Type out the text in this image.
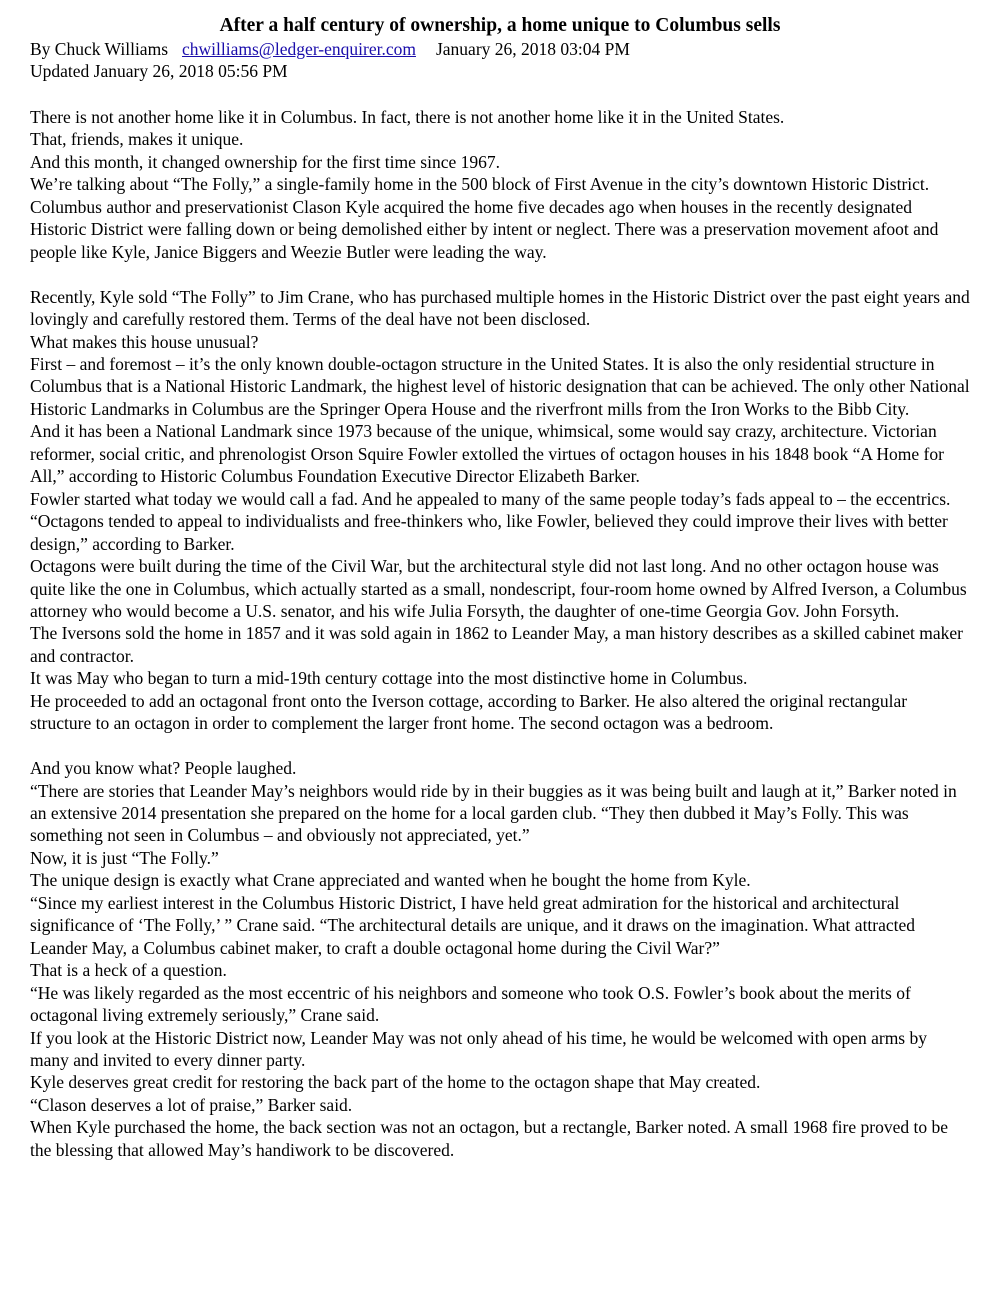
After a half century of ownership, a home unique to Columbus sells

By Chuck Williams chwilliams@ledger-enquirer.com January 26, 2018 03:04 PM

Updated January 26, 2018 05:56 PM

There is not another home like it in Columbus. In fact, there is not another home like it in the United States.

That, friends, makes it unique.

And this month, it changed ownership for the first time since 1967.

We’re talking about “The Folly,” a single-family home in the 500 block of First Avenue in the city’s downtown Historic District. Columbus author and preservationist Clason Kyle acquired the home five decades ago when houses in the recently designated Historic District were falling down or being demolished either by intent or neglect. There was a preservation movement afoot and people like Kyle, Janice Biggers and Weezie Butler were leading the way.

Recently, Kyle sold “The Folly” to Jim Crane, who has purchased multiple homes in the Historic District over the past eight years and lovingly and carefully restored them. Terms of the deal have not been disclosed.

What makes this house unusual?

First – and foremost – it’s the only known double-octagon structure in the United States. It is also the only residential structure in Columbus that is a National Historic Landmark, the highest level of historic designation that can be achieved. The only other National Historic Landmarks in Columbus are the Springer Opera House and the riverfront mills from the Iron Works to the Bibb City.

And it has been a National Landmark since 1973 because of the unique, whimsical, some would say crazy, architecture. Victorian reformer, social critic, and phrenologist Orson Squire Fowler extolled the virtues of octagon houses in his 1848 book “A Home for All,” according to Historic Columbus Foundation Executive Director Elizabeth Barker.

Fowler started what today we would call a fad. And he appealed to many of the same people today’s fads appeal to – the eccentrics.

“Octagons tended to appeal to individualists and free-thinkers who, like Fowler, believed they could improve their lives with better design,” according to Barker.

Octagons were built during the time of the Civil War, but the architectural style did not last long. And no other octagon house was quite like the one in Columbus, which actually started as a small, nondescript, four-room home owned by Alfred Iverson, a Columbus attorney who would become a U.S. senator, and his wife Julia Forsyth, the daughter of one-time Georgia Gov. John Forsyth.

The Iversons sold the home in 1857 and it was sold again in 1862 to Leander May, a man history describes as a skilled cabinet maker and contractor.

It was May who began to turn a mid-19th century cottage into the most distinctive home in Columbus.

He proceeded to add an octagonal front onto the Iverson cottage, according to Barker. He also altered the original rectangular structure to an octagon in order to complement the larger front home. The second octagon was a bedroom.

And you know what? People laughed.

“There are stories that Leander May’s neighbors would ride by in their buggies as it was being built and laugh at it,” Barker noted in an extensive 2014 presentation she prepared on the home for a local garden club. “They then dubbed it May’s Folly. This was something not seen in Columbus – and obviously not appreciated, yet.”

Now, it is just “The Folly.”

The unique design is exactly what Crane appreciated and wanted when he bought the home from Kyle.

“Since my earliest interest in the Columbus Historic District, I have held great admiration for the historical and architectural significance of ‘The Folly,’ ” Crane said. “The architectural details are unique, and it draws on the imagination. What attracted Leander May, a Columbus cabinet maker, to craft a double octagonal home during the Civil War?”

That is a heck of a question.

“He was likely regarded as the most eccentric of his neighbors and someone who took O.S. Fowler’s book about the merits of octagonal living extremely seriously,” Crane said.

If you look at the Historic District now, Leander May was not only ahead of his time, he would be welcomed with open arms by many and invited to every dinner party.

Kyle deserves great credit for restoring the back part of the home to the octagon shape that May created.

“Clason deserves a lot of praise,” Barker said.

When Kyle purchased the home, the back section was not an octagon, but a rectangle, Barker noted. A small 1968 fire proved to be the blessing that allowed May’s handiwork to be discovered.
